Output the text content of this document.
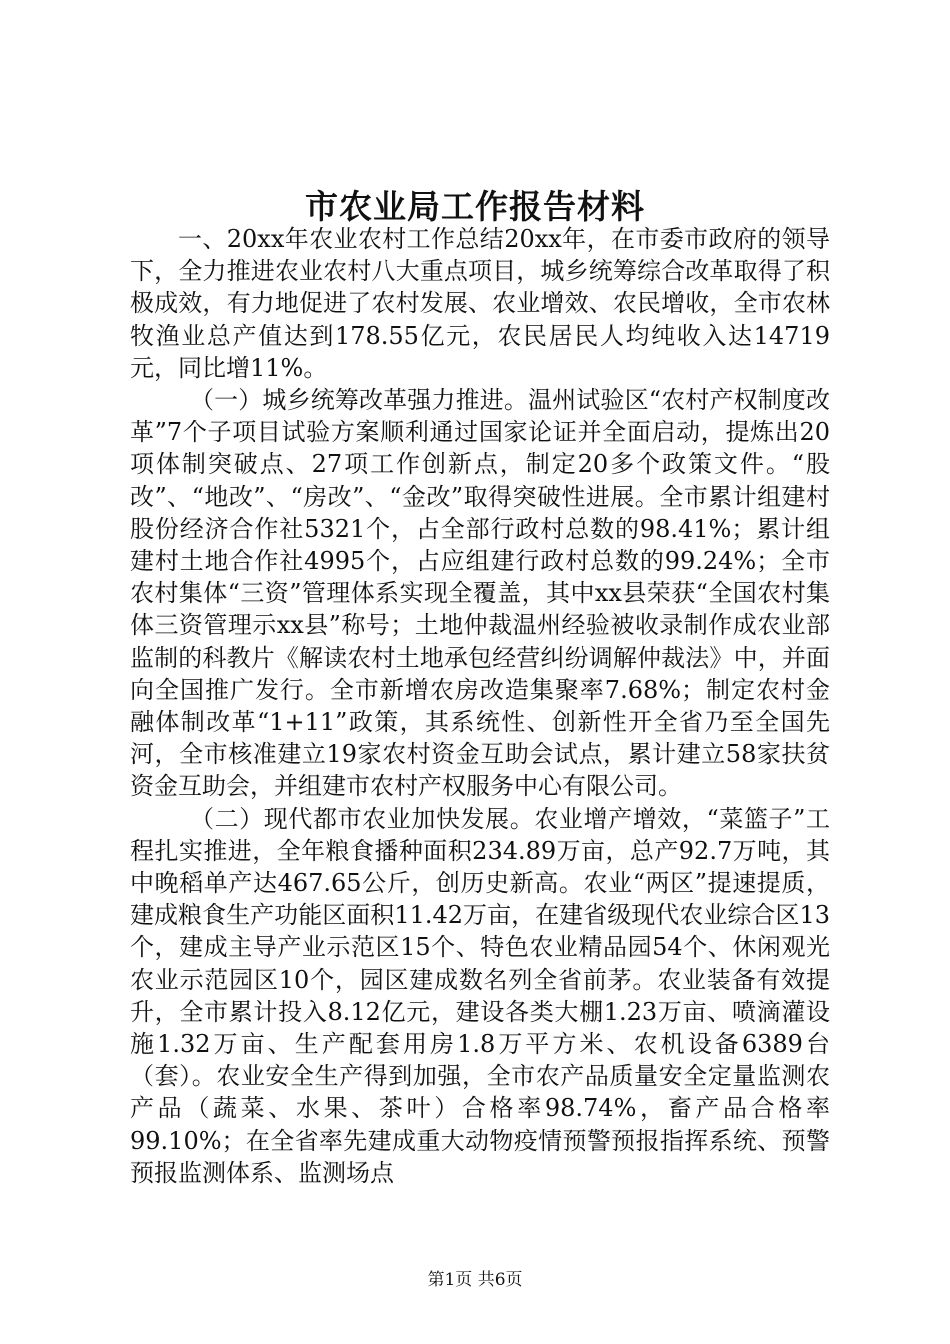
市农业局工作报告材料

一、20xx年农业农村工作总结20xx年，在市委市政府的领导下，全力推进农业农村八大重点项目，城乡统筹综合改革取得了积极成效，有力地促进了农村发展、农业增效、农民增收，全市农林牧渔业总产值达到178.55亿元，农民居民人均纯收入达14719元，同比增11%。

（一）城乡统筹改革强力推进。温州试验区“农村产权制度改革”7个子项目试验方案顺利通过国家论证并全面启动，提炼出20项体制突破点、27项工作创新点，制定20多个政策文件。“股改”、“地改”、“房改”、“金改”取得突破性进展。全市累计组建村股份经济合作社5321个，占全部行政村总数的98.41%；累计组建村土地合作社4995个，占应组建行政村总数的99.24%；全市农村集体“三资”管理体系实现全覆盖，其中xx县荣获“全国农村集体三资管理示xx县”称号；土地仲裁温州经验被收录制作成农业部监制的科教片《解读农村土地承包经营纠纷调解仲裁法》中，并面向全国推广发行。全市新增农房改造集聚率7.68%；制定农村金融体制改革“1+11”政策，其系统性、创新性开全省乃至全国先河，全市核准建立19家农村资金互助会试点，累计建立58家扶贫资金互助会，并组建市农村产权服务中心有限公司。

（二）现代都市农业加快发展。农业增产增效，“菜篮子”工程扎实推进，全年粮食播种面积234.89万亩，总产92.7万吨，其中晚稻单产达467.65公斤，创历史新高。农业“两区”提速提质，建成粮食生产功能区面积11.42万亩，在建省级现代农业综合区13个，建成主导产业示范区15个、特色农业精品园54个、休闲观光农业示范园区10个，园区建成数名列全省前茅。农业装备有效提升，全市累计投入8.12亿元，建设各类大棚1.23万亩、喷滴灌设施1.32万亩、生产配套用房1.8万平方米、农机设备6389台（套）。农业安全生产得到加强，全市农产品质量安全定量监测农产品（蔬菜、水果、茶叶）合格率98.74%，畜产品合格率99.10%；在全省率先建成重大动物疫情预警预报指挥系统、预警预报监测体系、监测场点

第1页 共6页
